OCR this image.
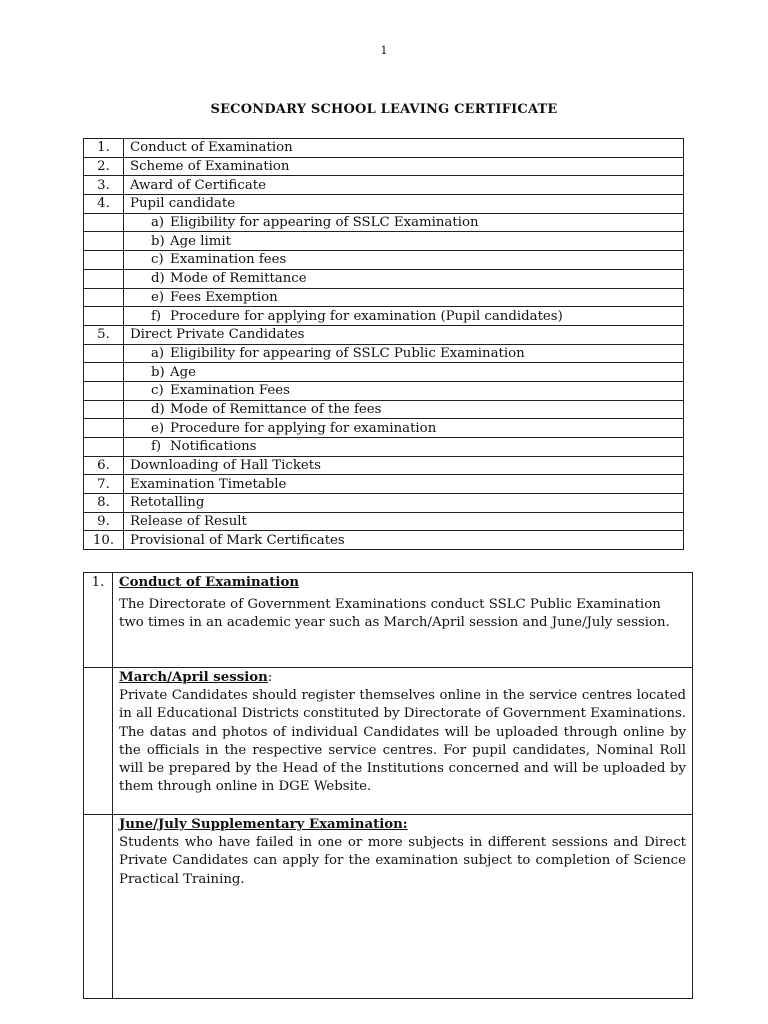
1
SECONDARY SCHOOL LEAVING CERTIFICATE
1.	Conduct of Examination
2.	Scheme of Examination
3.	Award of Certificate
4.	Pupil candidate
	a) Eligibility for appearing of SSLC Examination
	b) Age limit
	c) Examination fees
	d) Mode of Remittance
	e) Fees Exemption
	f) Procedure for applying for examination (Pupil candidates)
5.	Direct Private Candidates
	a) Eligibility for appearing of SSLC Public Examination
	b) Age
	c) Examination Fees
	d) Mode of Remittance of the fees
	e) Procedure for applying for examination
	f) Notifications
6.	Downloading of Hall Tickets
7.	Examination Timetable
8.	Retotalling
9.	Release of Result
10.	Provisional of Mark Certificates
1.	Conduct of Examination
The Directorate of Government Examinations conduct SSLC Public Examination two times in an academic year such as March/April session and June/July session.

	March/April session:
Private Candidates should register themselves online in the service centres located in all Educational Districts constituted by Directorate of Government Examinations. The datas and photos of individual Candidates will be uploaded through online by the officials in the respective service centres. For pupil candidates, Nominal Roll will be prepared by the Head of the Institutions concerned and will be uploaded by them through online in DGE Website.

	June/July Supplementary Examination:
Students who have failed in one or more subjects in different sessions and Direct Private Candidates can apply for the examination subject to completion of Science Practical Training.
